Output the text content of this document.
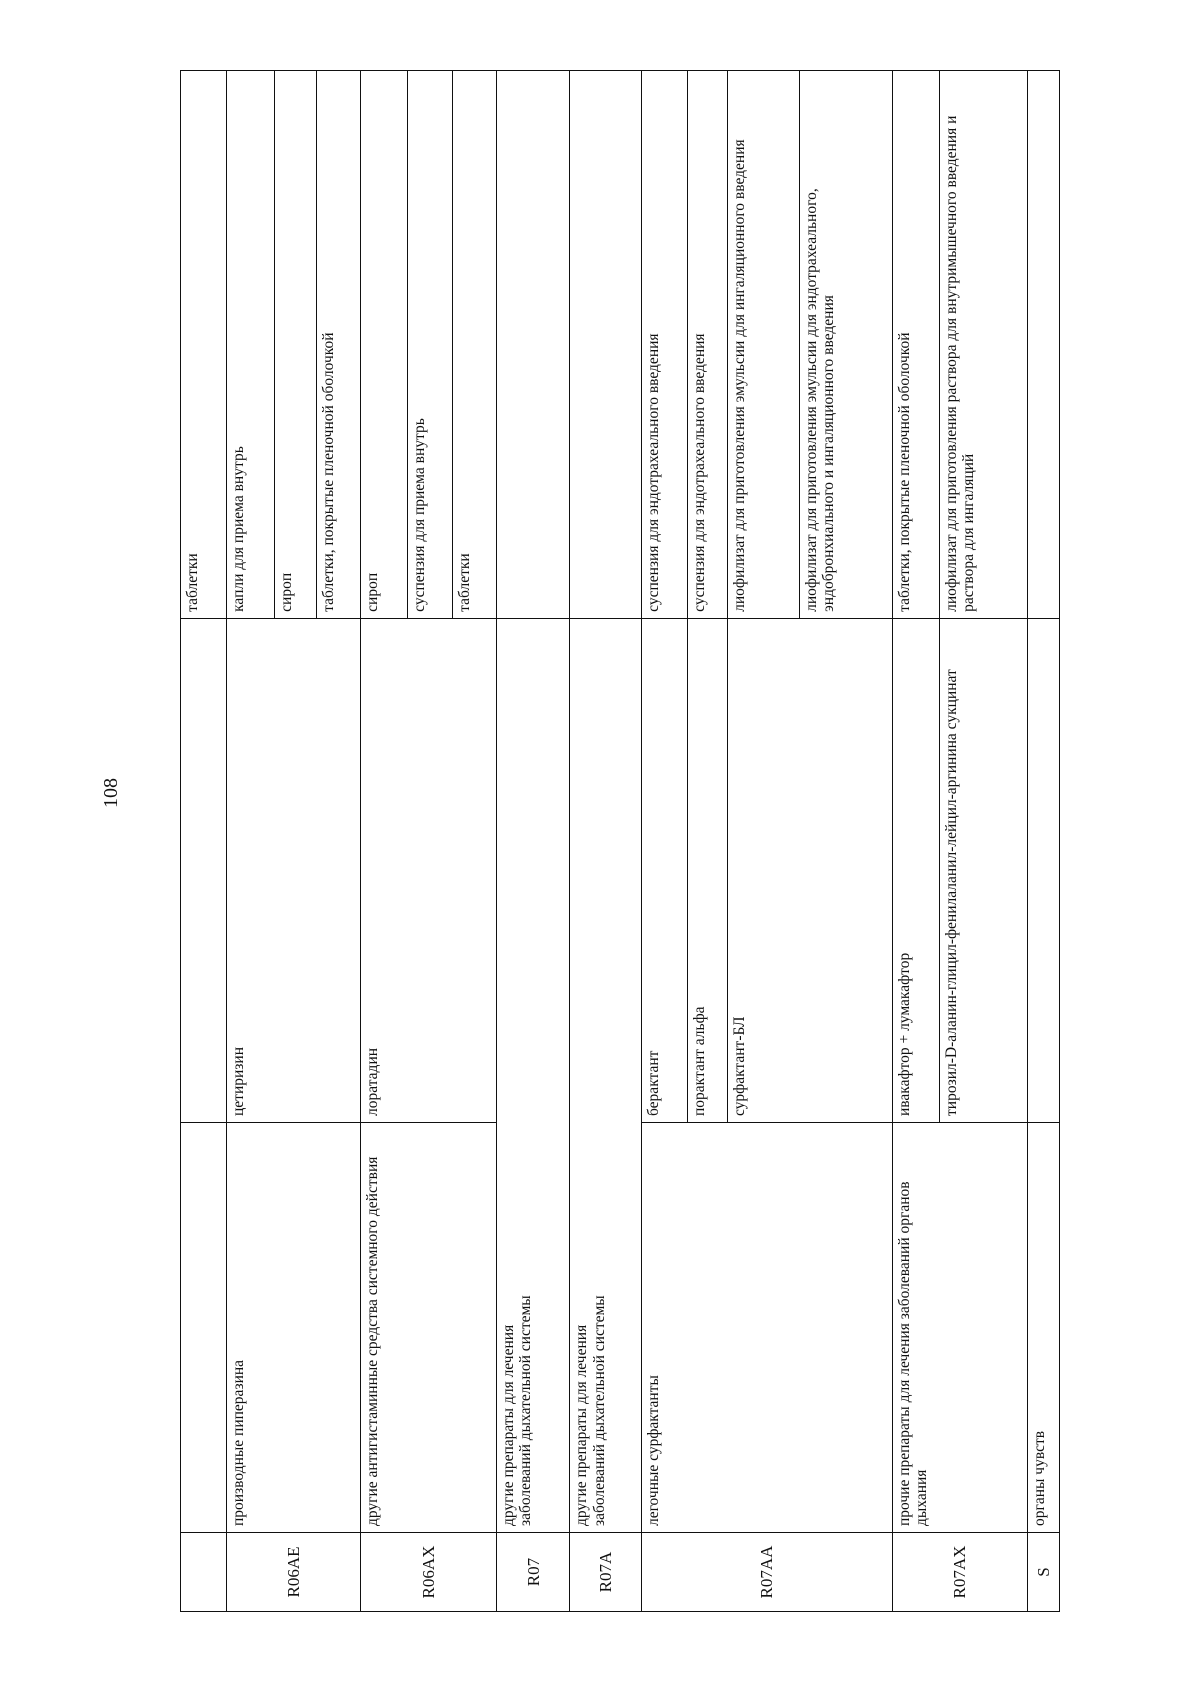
108
			таблетки
R06AE	производные пиперазина	цетиризин	капли для приема внутрь
			сироп
			таблетки, покрытые пленочной оболочкой
R06AX	другие антигистаминные средства системного действия	лоратадин	сироп
			суспензия для приема внутрь
			таблетки
R07	другие препараты для лечения заболеваний дыхательной системы		

R07A	другие препараты для лечения заболеваний дыхательной системы		

R07AA	легочные сурфактанты	берактант	суспензия для эндотрахеального введения
		порактант альфа	суспензия для эндотрахеального введения
		сурфактант-БЛ	лиофилизат для приготовления эмульсии для ингаляционного введения
			лиофилизат для приготовления эмульсии для эндотрахеального, эндобронхиального и ингаляционного введения
R07AX	прочие препараты для лечения заболеваний органов дыхания	ивакафтор + лумакафтор	таблетки, покрытые пленочной оболочкой
		тирозил-D-аланин-глицил-фенилаланил-лейцил-аргинина сукцинат	лиофилизат для приготовления раствора для внутримышечного введения и раствора для ингаляций
S	органы чувств		
